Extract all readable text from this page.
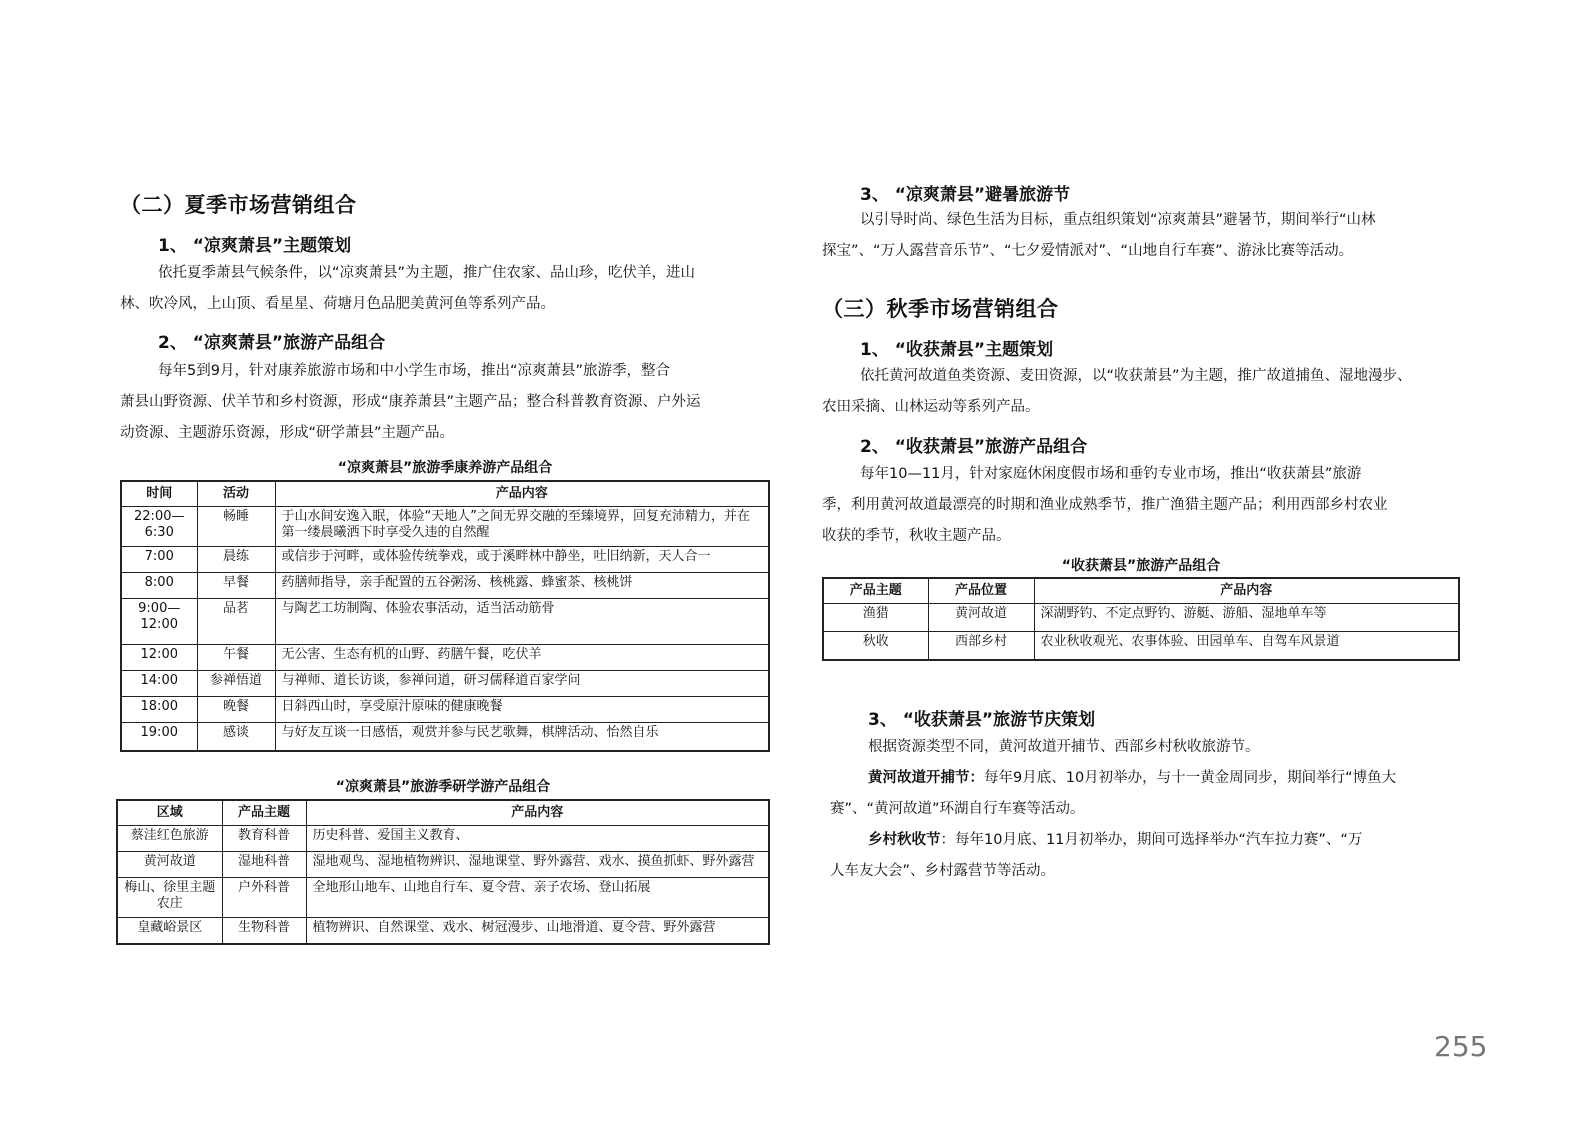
（二）夏季市场营销组合
1、 “凉爽萧县”主题策划

依托夏季萧县气候条件，以“凉爽萧县”为主题，推广住农家、品山珍，吃伏羊，进山

林、吹冷风，上山顶、看星星、荷塘月色品肥美黄河鱼等系列产品。

2、 “凉爽萧县”旅游产品组合

每年5到9月，针对康养旅游市场和中小学生市场，推出“凉爽萧县”旅游季，整合

萧县山野资源、伏羊节和乡村资源，形成“康养萧县”主题产品；整合科普教育资源、户外运

动资源、主题游乐资源，形成“研学萧县”主题产品。

“凉爽萧县”旅游季康养游产品组合
时间	活动	产品内容
22:00—6:30	畅睡	于山水间安逸入眠，体验“天地人”之间无界交融的至臻境界，回复充沛精力，并在第一缕晨曦洒下时享受久违的自然醒
7:00	晨练	或信步于河畔，或体验传统拳戏，或于溪畔林中静坐，吐旧纳新，天人合一
8:00	早餐	药膳师指导，亲手配置的五谷粥汤、核桃露、蜂蜜茶、核桃饼
9:00—12:00	品茗	与陶艺工坊制陶、体验农事活动，适当活动筋骨
12:00	午餐	无公害、生态有机的山野、药膳午餐，吃伏羊
14:00	参禅悟道	与禅师、道长访谈，参禅问道，研习儒释道百家学问
18:00	晚餐	日斜西山时，享受原汁原味的健康晚餐
19:00	感谈	与好友互谈一日感悟，观赏并参与民艺歌舞，棋牌活动、怡然自乐
“凉爽萧县”旅游季研学游产品组合
区域	产品主题	产品内容
蔡洼红色旅游	教育科普	历史科普、爱国主义教育、
黄河故道	湿地科普	湿地观鸟、湿地植物辨识、湿地课堂、野外露营、戏水、摸鱼抓虾、野外露营
梅山、徐里主题农庄	户外科普	全地形山地车、山地自行车、夏令营、亲子农场、登山拓展
皇藏峪景区	生物科普	植物辨识、自然课堂、戏水、树冠漫步、山地滑道、夏令营、野外露营
3、 “凉爽萧县”避暑旅游节

以引导时尚、绿色生活为目标，重点组织策划“凉爽萧县”避暑节，期间举行“山林

探宝”、“万人露营音乐节”、“七夕爱情派对”、“山地自行车赛”、游泳比赛等活动。

（三）秋季市场营销组合
1、 “收获萧县”主题策划

依托黄河故道鱼类资源、麦田资源，以“收获萧县”为主题，推广故道捕鱼、湿地漫步、

农田采摘、山林运动等系列产品。

2、 “收获萧县”旅游产品组合

每年10—11月，针对家庭休闲度假市场和垂钓专业市场，推出“收获萧县”旅游

季，利用黄河故道最漂亮的时期和渔业成熟季节，推广渔猎主题产品；利用西部乡村农业

收获的季节，秋收主题产品。

“收获萧县”旅游产品组合
产品主题	产品位置	产品内容
渔猎	黄河故道	深湖野钓、不定点野钓、游艇、游船、湿地单车等
秋收	西部乡村	农业秋收观光、农事体验、田园单车、自驾车风景道
3、 “收获萧县”旅游节庆策划

根据资源类型不同，黄河故道开捕节、西部乡村秋收旅游节。

黄河故道开捕节：每年9月底、10月初举办，与十一黄金周同步，期间举行“博鱼大

赛”、“黄河故道”环湖自行车赛等活动。

乡村秋收节：每年10月底、11月初举办，期间可选择举办“汽车拉力赛”、“万

人车友大会”、乡村露营节等活动。

255
